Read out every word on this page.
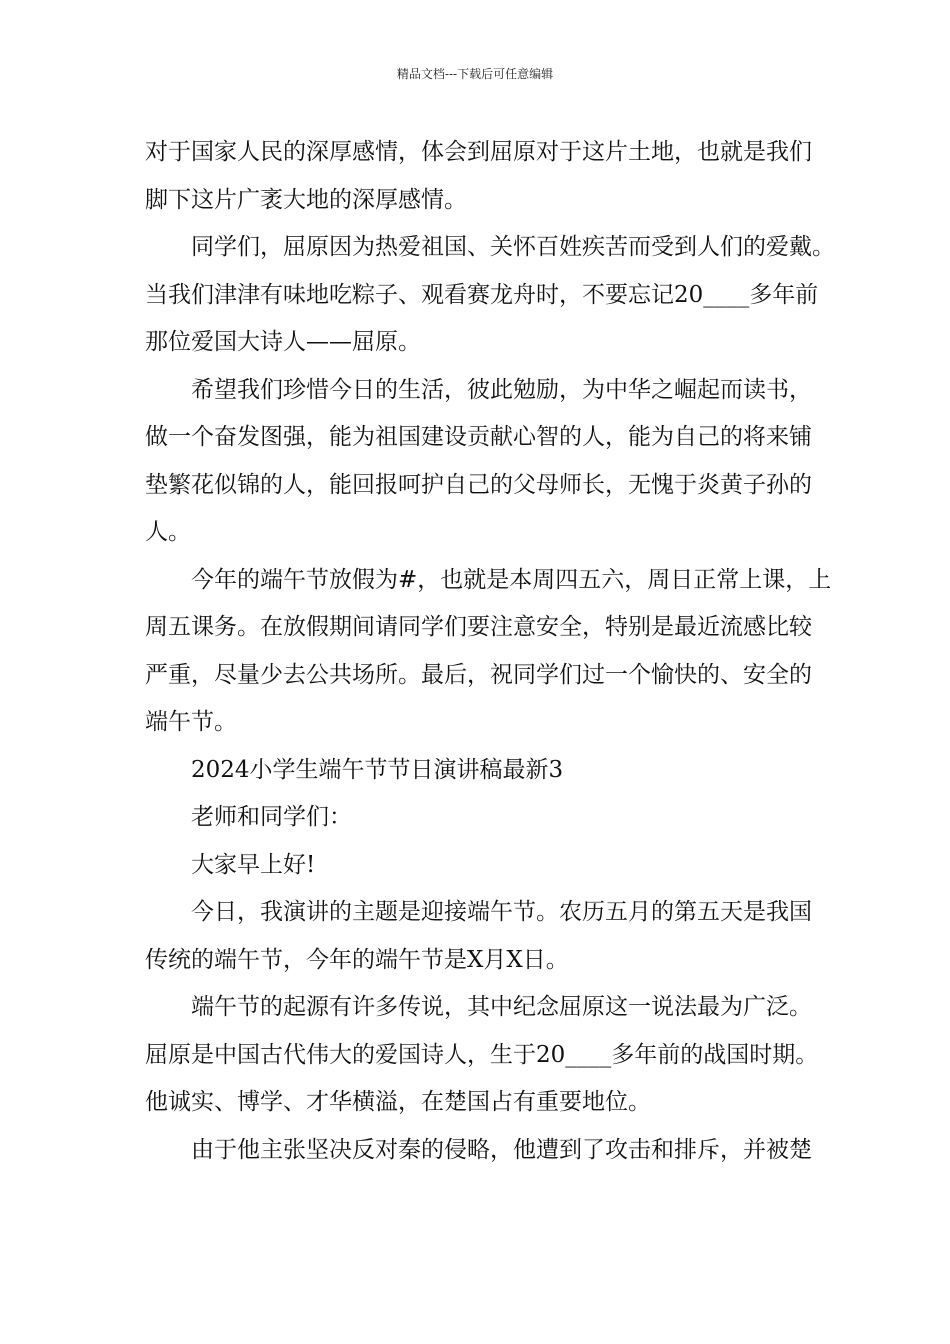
精品文档---下载后可任意编辑
对于国家人民的深厚感情，体会到屈原对于这片土地，也就是我们
脚下这片广袤大地的深厚感情。
同学们，屈原因为热爱祖国、关怀百姓疾苦而受到人们的爱戴。
当我们津津有味地吃粽子、观看赛龙舟时，不要忘记20____多年前
那位爱国大诗人——屈原。
希望我们珍惜今日的生活，彼此勉励，为中华之崛起而读书，
做一个奋发图强，能为祖国建设贡献心智的人，能为自己的将来铺
垫繁花似锦的人，能回报呵护自己的父母师长，无愧于炎黄子孙的
人。
今年的端午节放假为#，也就是本周四五六，周日正常上课，上
周五课务。在放假期间请同学们要注意安全，特别是最近流感比较
严重，尽量少去公共场所。最后，祝同学们过一个愉快的、安全的
端午节。
2024小学生端午节节日演讲稿最新3
老师和同学们：
大家早上好!
今日，我演讲的主题是迎接端午节。农历五月的第五天是我国
传统的端午节，今年的端午节是X月X日。
端午节的起源有许多传说，其中纪念屈原这一说法最为广泛。
屈原是中国古代伟大的爱国诗人，生于20____多年前的战国时期。
他诚实、博学、才华横溢，在楚国占有重要地位。
由于他主张坚决反对秦的侵略，他遭到了攻击和排斥，并被楚
